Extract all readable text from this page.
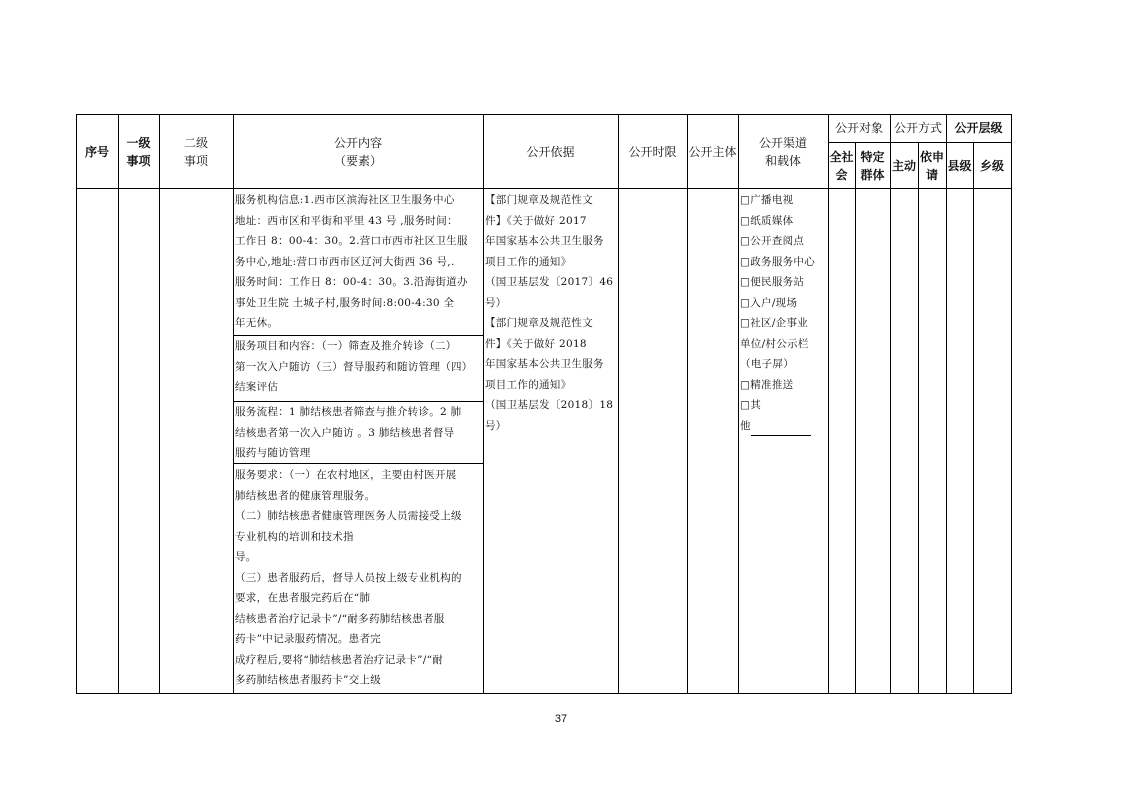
序号
一级
事项
二级
事项
公开内容
（要素）
公开依据	公开时限 公开主体
公开渠道
和载体
公开对象 公开方式	公开层级
全社
会
特定
群体
主动
依申
请
县级 乡级
服务机构信息:1.西市区滨海社区卫生服务中心
地址：西市区和平街和平里 43 号 ,服务时间：
工作日 8：00-4：30。2.营口市西市社区卫生服
务中心,地址:营口市西市区辽河大街西 36 号,.
服务时间：工作日 8：00-4：30。3.沿海街道办
事处卫生院 土城子村,服务时间:8:00-4:30 全
年无休。
服务项目和内容：（一）筛查及推介转诊（二）
第一次入户随访（三）督导服药和随访管理（四）
结案评估
服务流程：1 肺结核患者筛查与推介转诊。2 肺
结核患者第一次入户随访 。3 肺结核患者督导
服药与随访管理
服务要求：（一）在农村地区，主要由村医开展
肺结核患者的健康管理服务。
（二）肺结核患者健康管理医务人员需接受上级
专业机构的培训和技术指
导。
（三）患者服药后，督导人员按上级专业机构的
要求，在患者服完药后在“肺
结核患者治疗记录卡”/“耐多药肺结核患者服
药卡”中记录服药情况。患者完
成疗程后,要将“肺结核患者治疗记录卡”/“耐
多药肺结核患者服药卡”交上级
【部门规章及规范性文
件】《关于做好 2017
年国家基本公共卫生服务
项目工作的通知》
（国卫基层发〔2017〕46
号）
【部门规章及规范性文
件】《关于做好 2018
年国家基本公共卫生服务
项目工作的通知》
（国卫基层发〔2018〕18
号）
□广播电视
□纸质媒体
□公开查阅点
□政务服务中心
□便民服务站
□入户/现场
□社区/企事业
单位/村公示栏
（电子屏）
□精准推送
□其
他
37
